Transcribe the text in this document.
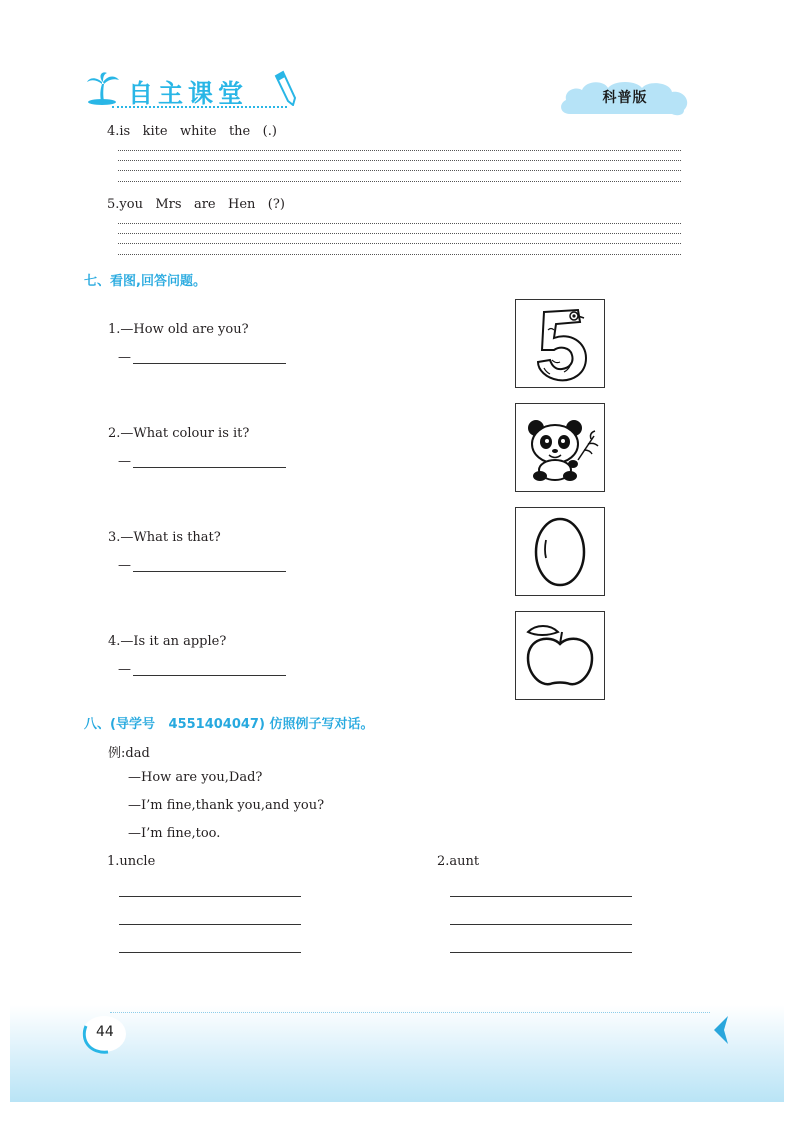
自主课堂	科普版
4.is   kite   white   the   (.)
5.you   Mrs   are   Hen   (?)
七、看图,回答问题。
1.—How old are you?
—
2.—What colour is it?
—
3.—What is that?
—
4.—Is it an apple?
—
八、(导学号   4551404047) 仿照例子写对话。
例:dad
—How are you,Dad?
—I’m fine,thank you,and you?
—I’m fine,too.
1.uncle	2.aunt
44
